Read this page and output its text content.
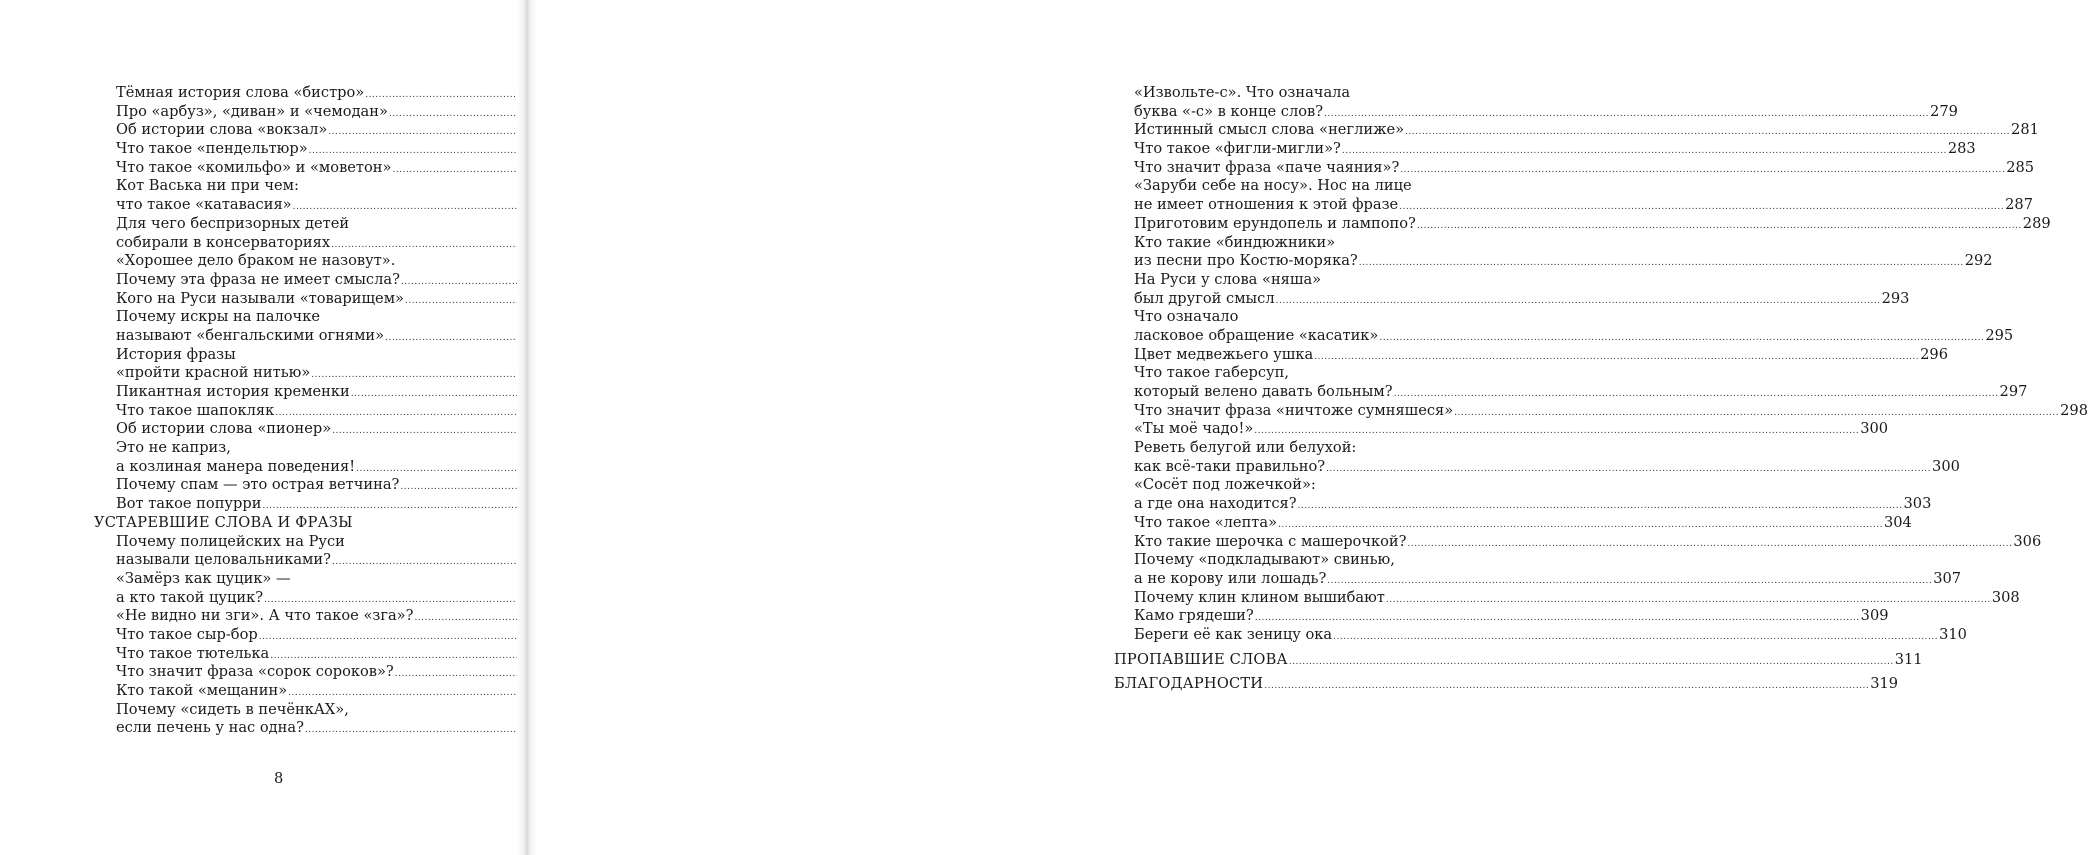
Тёмная история слова «бистро»
.....
Про «арбуз», «диван» и «чемодан»
.....
Об истории слова «вокзал»
.....
Что такое «пендельтюр»
.....
Что такое «комильфо» и «моветон»
.....
Кот Васька ни при чем:
что такое «катавасия»
.....
Для чего беспризорных детей
собирали в консерваториях
.....
«Хорошее дело браком не назовут».
Почему эта фраза не имеет смысла?
.....
Кого на Руси называли «товарищем»
.....
Почему искры на палочке
называют «бенгальскими огнями»
.....
История фразы
«пройти красной нитью»
.....
Пикантная история кременки
.....
Что такое шапокляк
.....
Об истории слова «пионер»
.....
Это не каприз,
а козлиная манера поведения!
.....
Почему спам — это острая ветчина?
.....
Вот такое попурри
.....
УСТАРЕВШИЕ СЛОВА И ФРАЗЫ
Почему полицейских на Руси
называли целовальниками?
.....
«Замёрз как цуцик» —
а кто такой цуцик?
.....
«Не видно ни зги». А что такое «зга»?
.....
Что такое сыр-бор
.....
Что такое тютелька
.....
Что значит фраза «сорок сороков»?
.....
Кто такой «мещанин»
.....
Почему «сидеть в печёнкАХ»,
если печень у нас одна?
.....
8
«Извольте-с». Что означала
буква «-с» в конце слов? .....	279
Истинный смысл слова «неглиже» .....	281
Что такое «фигли-мигли»? .....	283
Что значит фраза «паче чаяния»? .....	285
«Заруби себе на носу». Нос на лице
не имеет отношения к этой фразе .....	287
Приготовим ерундопель и лампопо? .....	289
Кто такие «биндюжники»
из песни про Костю-моряка? .....	292
На Руси у слова «няша»
был другой смысл .....	293
Что означало
ласковое обращение «касатик» .....	295
Цвет медвежьего ушка .....	296
Что такое габерсуп,
который велено давать больным? .....	297
Что значит фраза «ничтоже сумняшеся» .....	298
«Ты моё чадо!» .....	300
Реветь белугой или белухой:
как всё-таки правильно? .....	300
«Сосёт под ложечкой»:
а где она находится? .....	303
Что такое «лепта» .....	304
Кто такие шерочка с машерочкой? .....	306
Почему «подкладывают» свинью,
а не корову или лошадь? .....	307
Почему клин клином вышибают .....	308
Камо грядеши? .....	309
Береги её как зеницу ока .....	310
ПРОПАВШИЕ СЛОВА .....	311
БЛАГОДАРНОСТИ .....	319
